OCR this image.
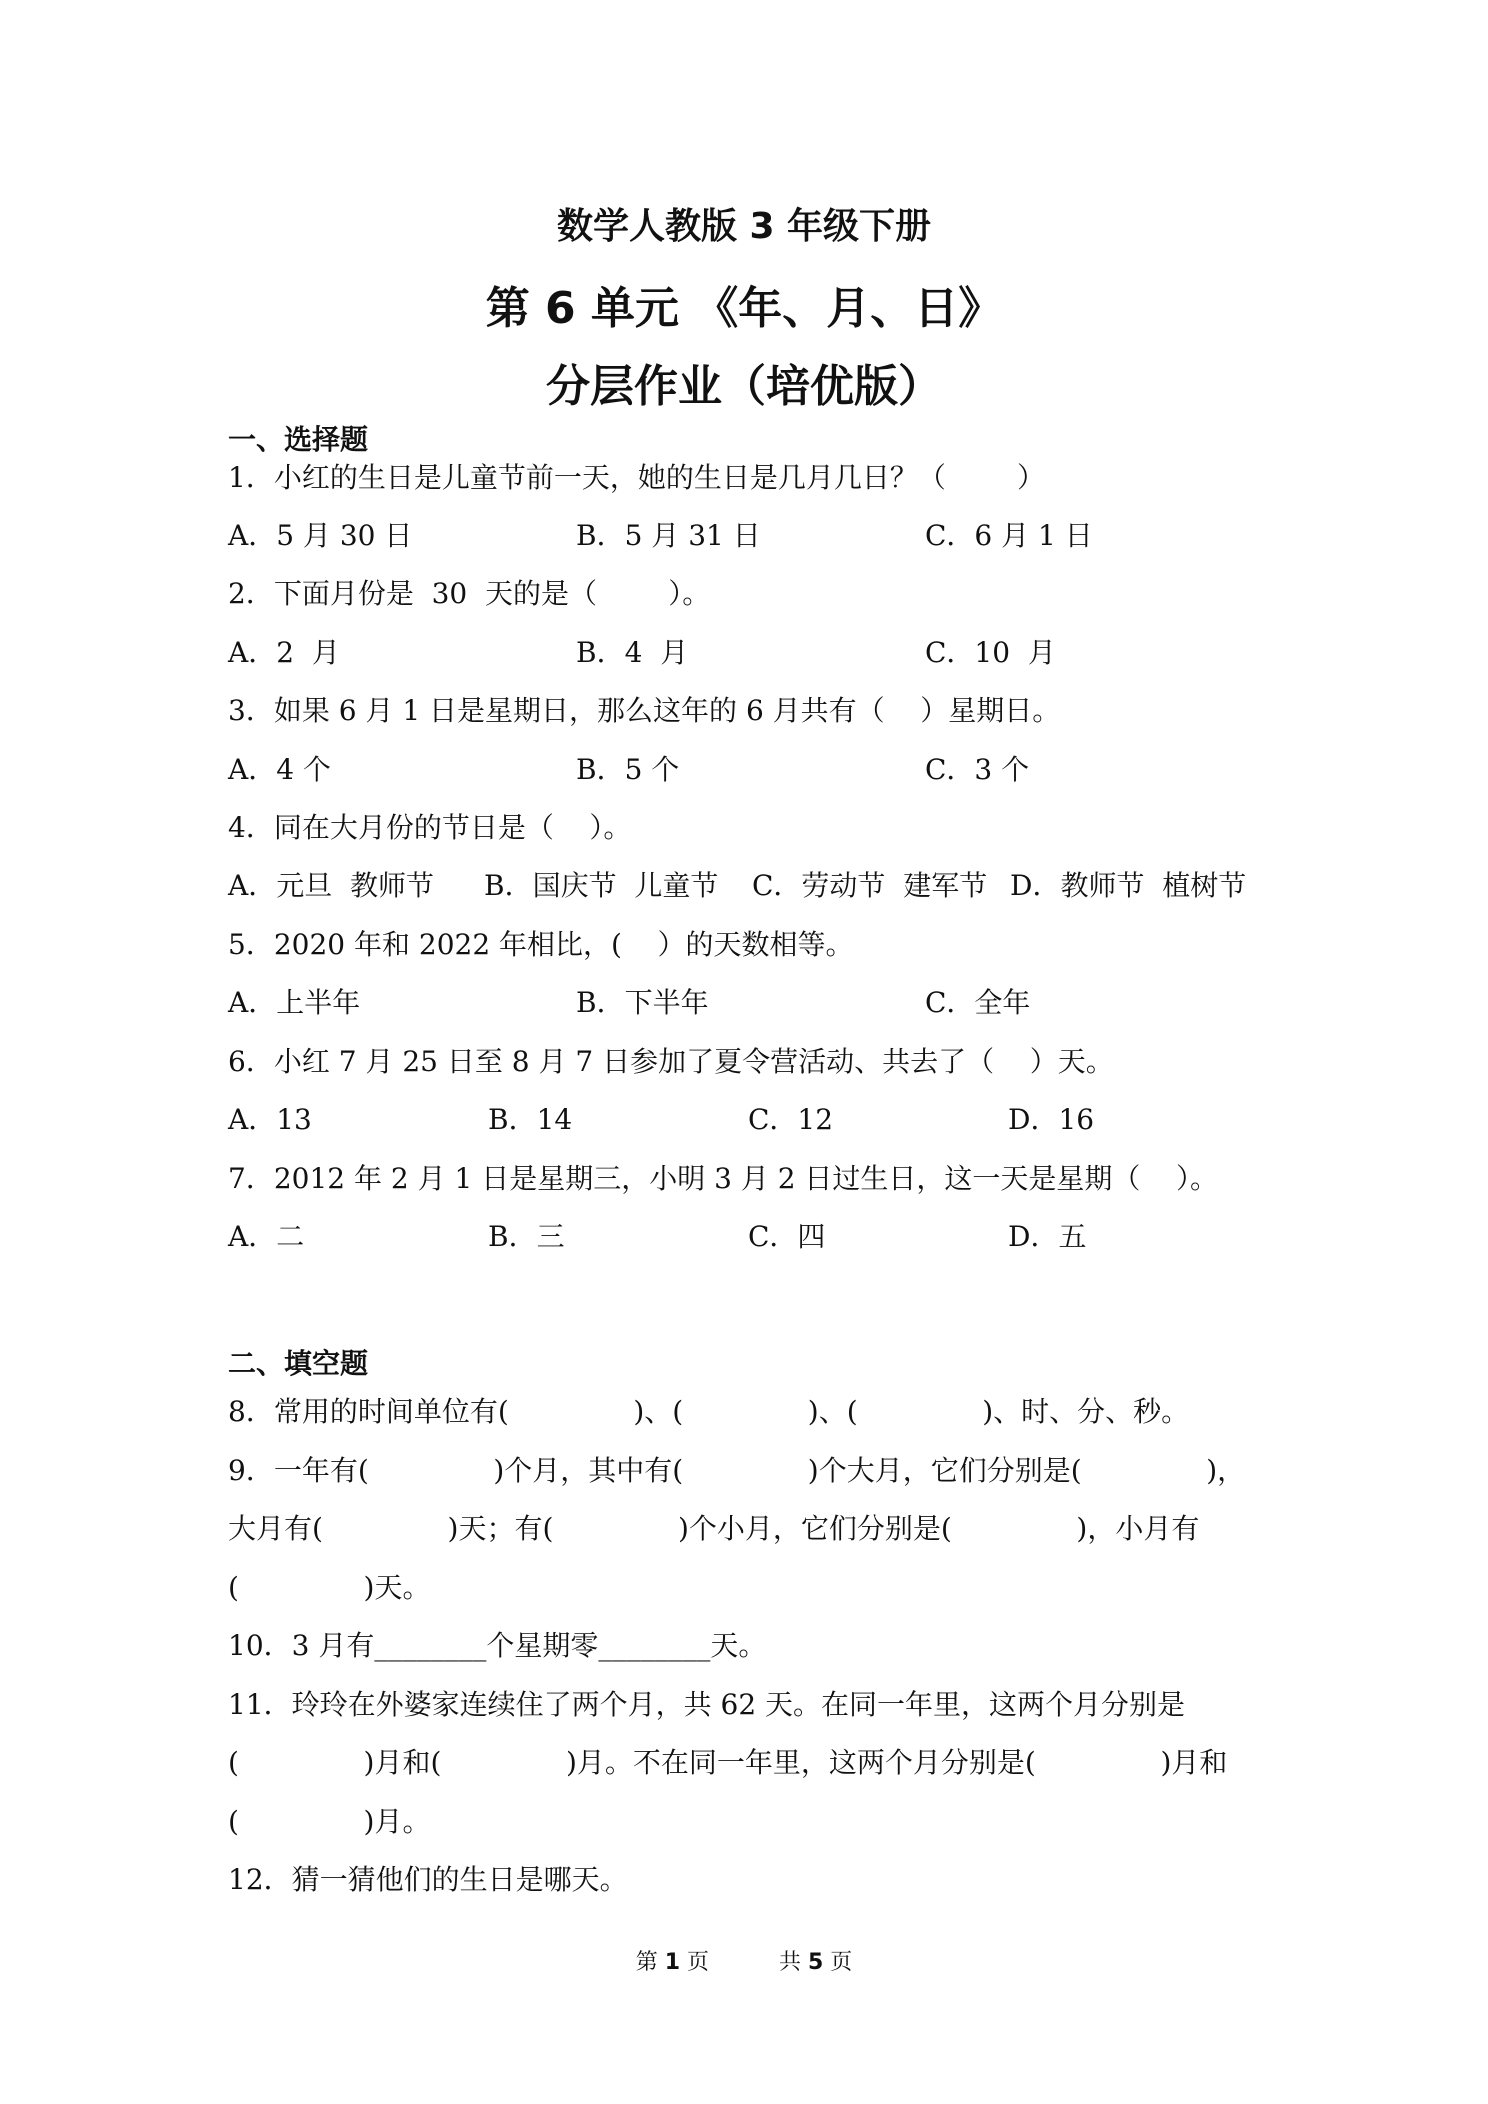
数学人教版 3 年级下册
第 6 单元 《年、月、日》
分层作业（培优版）
一、选择题
1．小红的生日是儿童节前一天，她的生日是几月几日？（        ）
A．5 月 30 日	B．5 月 31 日	C．6 月 1 日
2．下面月份是  30  天的是（        ）。
A．2  月	B．4  月	C．10  月
3．如果 6 月 1 日是星期日，那么这年的 6 月共有（    ）星期日。
A．4 个	B．5 个	C．3 个
4．同在大月份的节日是（    ）。
A．元旦  教师节 B．国庆节  儿童节 C．劳动节  建军节 D．教师节  植树节
5．2020 年和 2022 年相比，(    ）的天数相等。
A．上半年	B．下半年	C．全年
6．小红 7 月 25 日至 8 月 7 日参加了夏令营活动、共去了（    ）天。
A．13	B．14	C．12	D．16
7．2012 年 2 月 1 日是星期三，小明 3 月 2 日过生日，这一天是星期（    ）。
A．二	B．三	C．四	D．五
二、填空题
8．常用的时间单位有(              )、(              )、(              )、时、分、秒。
9．一年有(              )个月，其中有(              )个大月，它们分别是(              )，
大月有(              )天；有(              )个小月，它们分别是(              )，小月有
(              )天。
10．3 月有________个星期零________天。
11．玲玲在外婆家连续住了两个月，共 62 天。在同一年里，这两个月分别是
(              )月和(              )月。不在同一年里，这两个月分别是(              )月和
(              )月。
12．猜一猜他们的生日是哪天。
第 1 页	共 5 页
